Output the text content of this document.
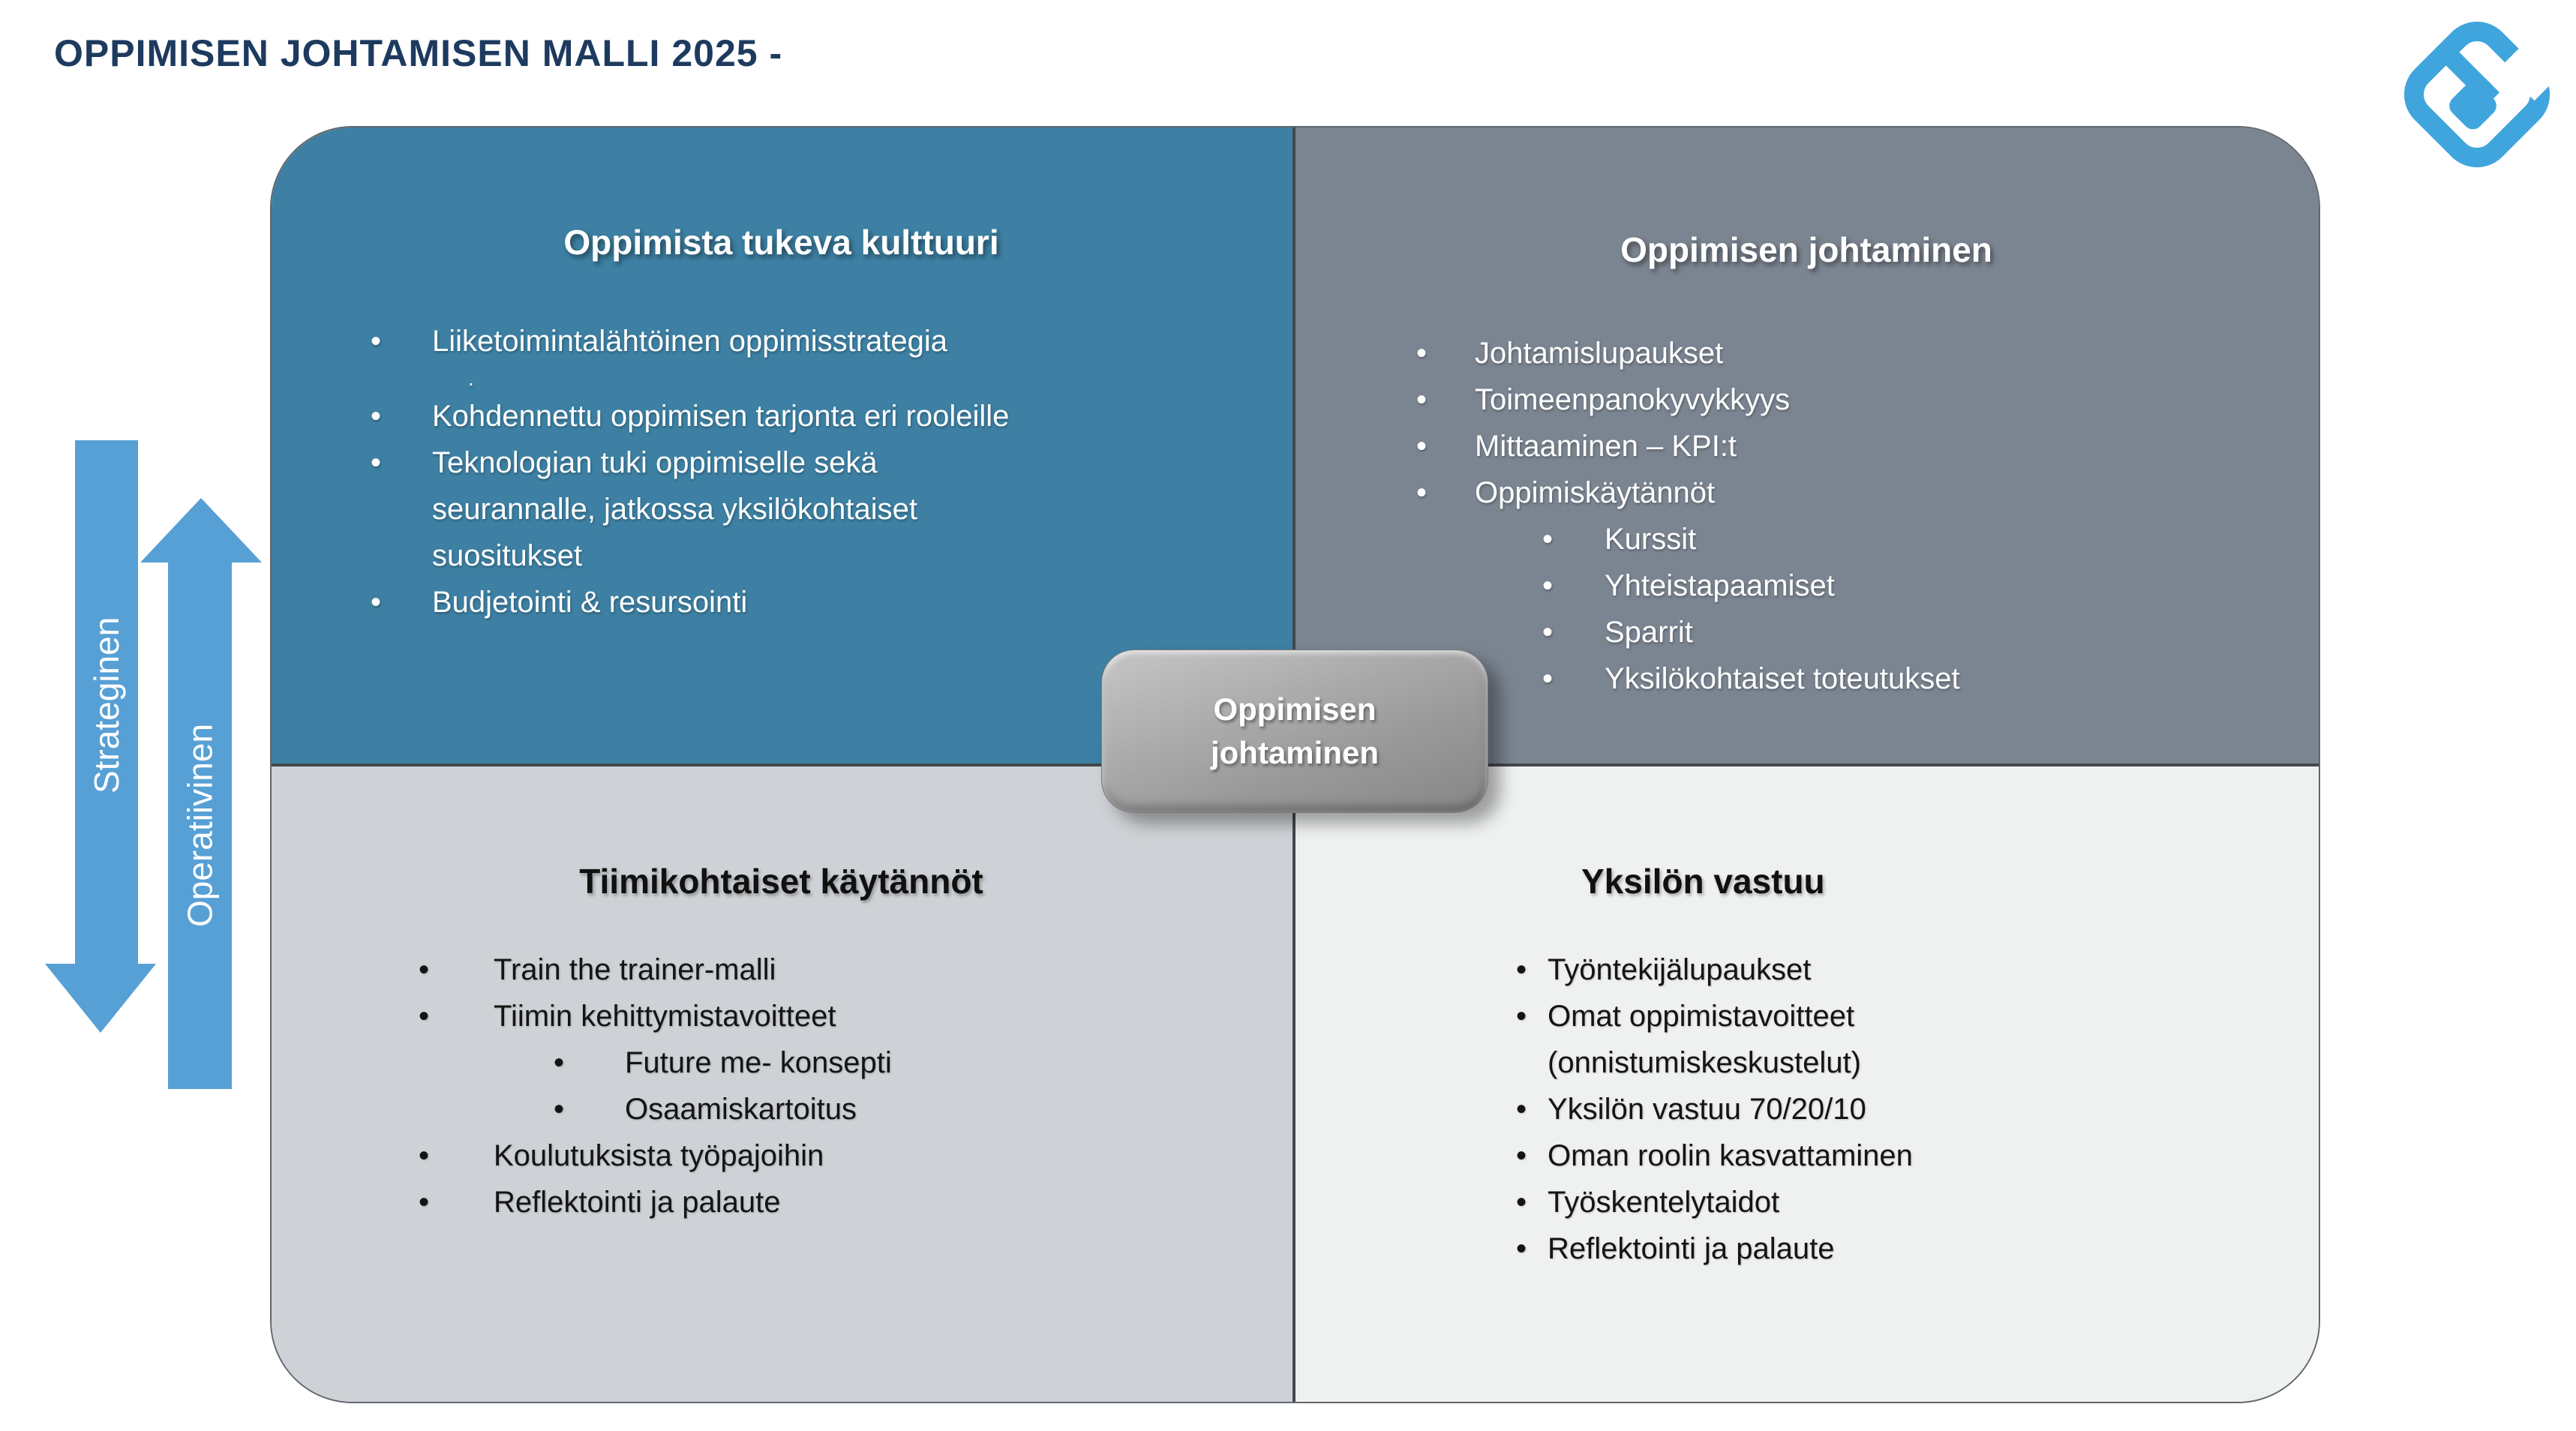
OPPIMISEN JOHTAMISEN MALLI 2025 -
Strateginen
Operatiivinen
Oppimista tukeva kulttuuri	Oppimisen johtaminen
Tiimikohtaiset käytännöt	Yksilön vastuu
• Liiketoimintalähtöinen oppimisstrategia
.
• Kohdennettu oppimisen tarjonta eri rooleille
• Teknologian tuki oppimiselle sekä
seurannalle, jatkossa yksilökohtaiset
suositukset
• Budjetointi & resursointi
• Johtamislupaukset
• Toimeenpanokyvykkyys
• Mittaaminen – KPI:t
• Oppimiskäytännöt
• Kurssit
• Yhteistapaamiset
• Sparrit
• Yksilökohtaiset toteutukset
• Train the trainer-malli
• Tiimin kehittymistavoitteet
• Future me- konsepti
• Osaamiskartoitus
• Koulutuksista työpajoihin
• Reflektointi ja palaute
• Työntekijälupaukset
• Omat oppimistavoitteet
(onnistumiskeskustelut)
• Yksilön vastuu 70/20/10
• Oman roolin kasvattaminen
• Työskentelytaidot
• Reflektointi ja palaute
Oppimisen
johtaminen
